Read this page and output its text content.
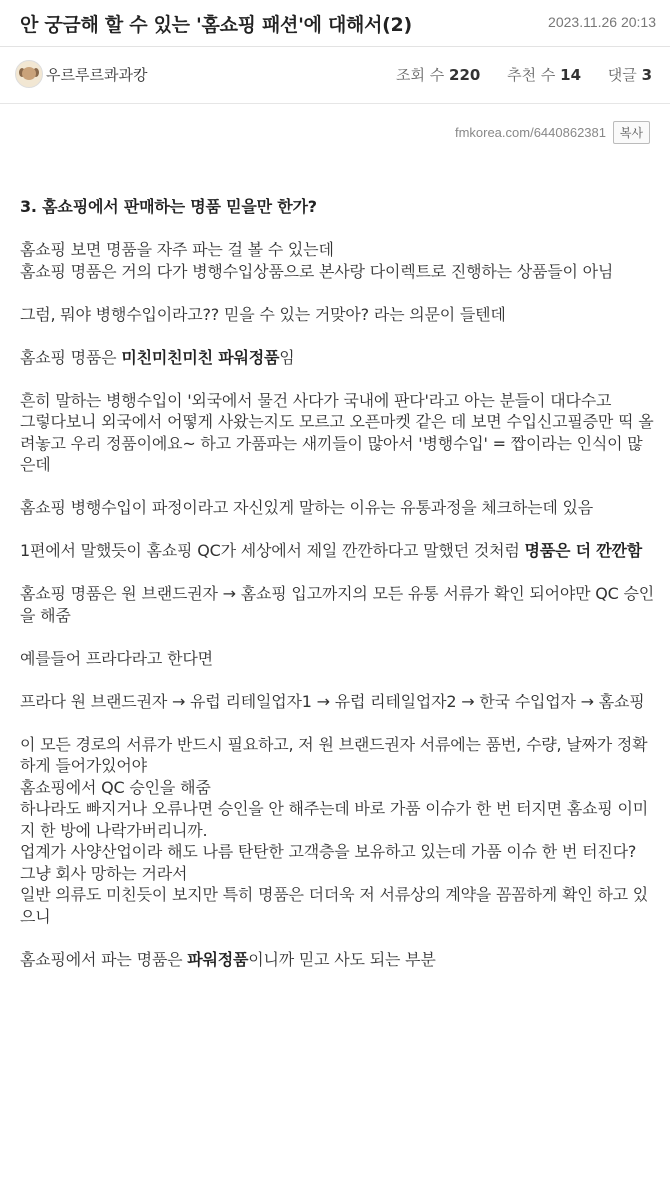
안 궁금해 할 수 있는 '홈쇼핑 패션'에 대해서(2)	2023.11.26 20:13
우르루르콰과캉	조회 수 220 추천 수 14 댓글 3
fmkorea.com/6440862381	복사

3. 홈쇼핑에서 판매하는 명품 믿을만 한가?

홈쇼핑 보면 명품을 자주 파는 걸 볼 수 있는데
홈쇼핑 명품은 거의 다가 병행수입상품으로 본사랑 다이렉트로 진행하는 상품들이 아님

그럼, 뭐야 병행수입이라고?? 믿을 수 있는 거맞아? 라는 의문이 들텐데

홈쇼핑 명품은 미친미친미친 파워정품임

흔히 말하는 병행수입이 '외국에서 물건 사다가 국내에 판다'라고 아는 분들이 대다수고
그렇다보니 외국에서 어떻게 사왔는지도 모르고 오픈마켓 같은 데 보면 수입신고필증만 띡 올려놓고 우리 정품이에요~ 하고 가품파는 새끼들이 많아서 '병행수입' = 짭이라는 인식이 많은데

홈쇼핑 병행수입이 파정이라고 자신있게 말하는 이유는 유통과정을 체크하는데 있음

1편에서 말했듯이 홈쇼핑 QC가 세상에서 제일 깐깐하다고 말했던 것처럼 명품은 더 깐깐함

홈쇼핑 명품은 원 브랜드권자 → 홈쇼핑 입고까지의 모든 유통 서류가 확인 되어야만 QC 승인을 해줌

예를들어 프라다라고 한다면

프라다 원 브랜드권자 → 유럽 리테일업자1 → 유럽 리테일업자2 → 한국 수입업자 → 홈쇼핑

이 모든 경로의 서류가 반드시 필요하고, 저 원 브랜드권자 서류에는 품번, 수량, 날짜가 정확하게 들어가있어야
홈쇼핑에서 QC 승인을 해줌
하나라도 빠지거나 오류나면 승인을 안 해주는데 바로 가품 이슈가 한 번 터지면 홈쇼핑 이미지 한 방에 나락가버리니까.
업계가 사양산업이라 해도 나름 탄탄한 고객층을 보유하고 있는데 가품 이슈 한 번 터진다? 그냥 회사 망하는 거라서
일반 의류도 미친듯이 보지만 특히 명품은 더더욱 저 서류상의 계약을 꼼꼼하게 확인 하고 있으니

홈쇼핑에서 파는 명품은 파워정품이니까 믿고 사도 되는 부분
